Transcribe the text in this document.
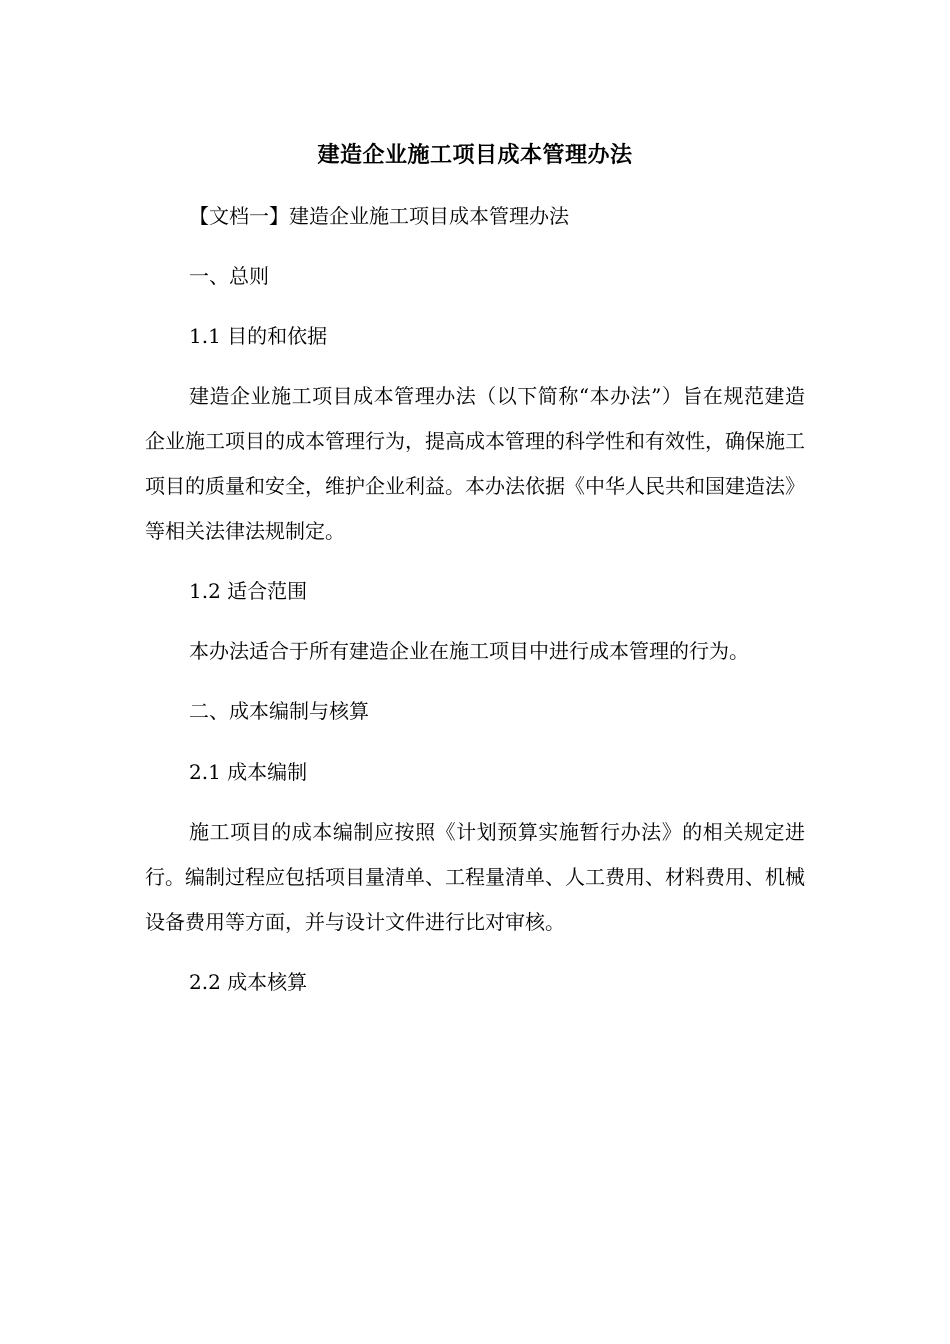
建造企业施工项目成本管理办法
【文档一】建造企业施工项目成本管理办法
一、总则
1.1 目的和依据
建造企业施工项目成本管理办法（以下简称“本办法”）旨在规范建造企业施工项目的成本管理行为，提高成本管理的科学性和有效性，确保施工项目的质量和安全，维护企业利益。本办法依据《中华人民共和国建造法》等相关法律法规制定。
1.2 适合范围
本办法适合于所有建造企业在施工项目中进行成本管理的行为。
二、成本编制与核算
2.1 成本编制
施工项目的成本编制应按照《计划预算实施暂行办法》的相关规定进行。编制过程应包括项目量清单、工程量清单、人工费用、材料费用、机械设备费用等方面，并与设计文件进行比对审核。
2.2 成本核算
